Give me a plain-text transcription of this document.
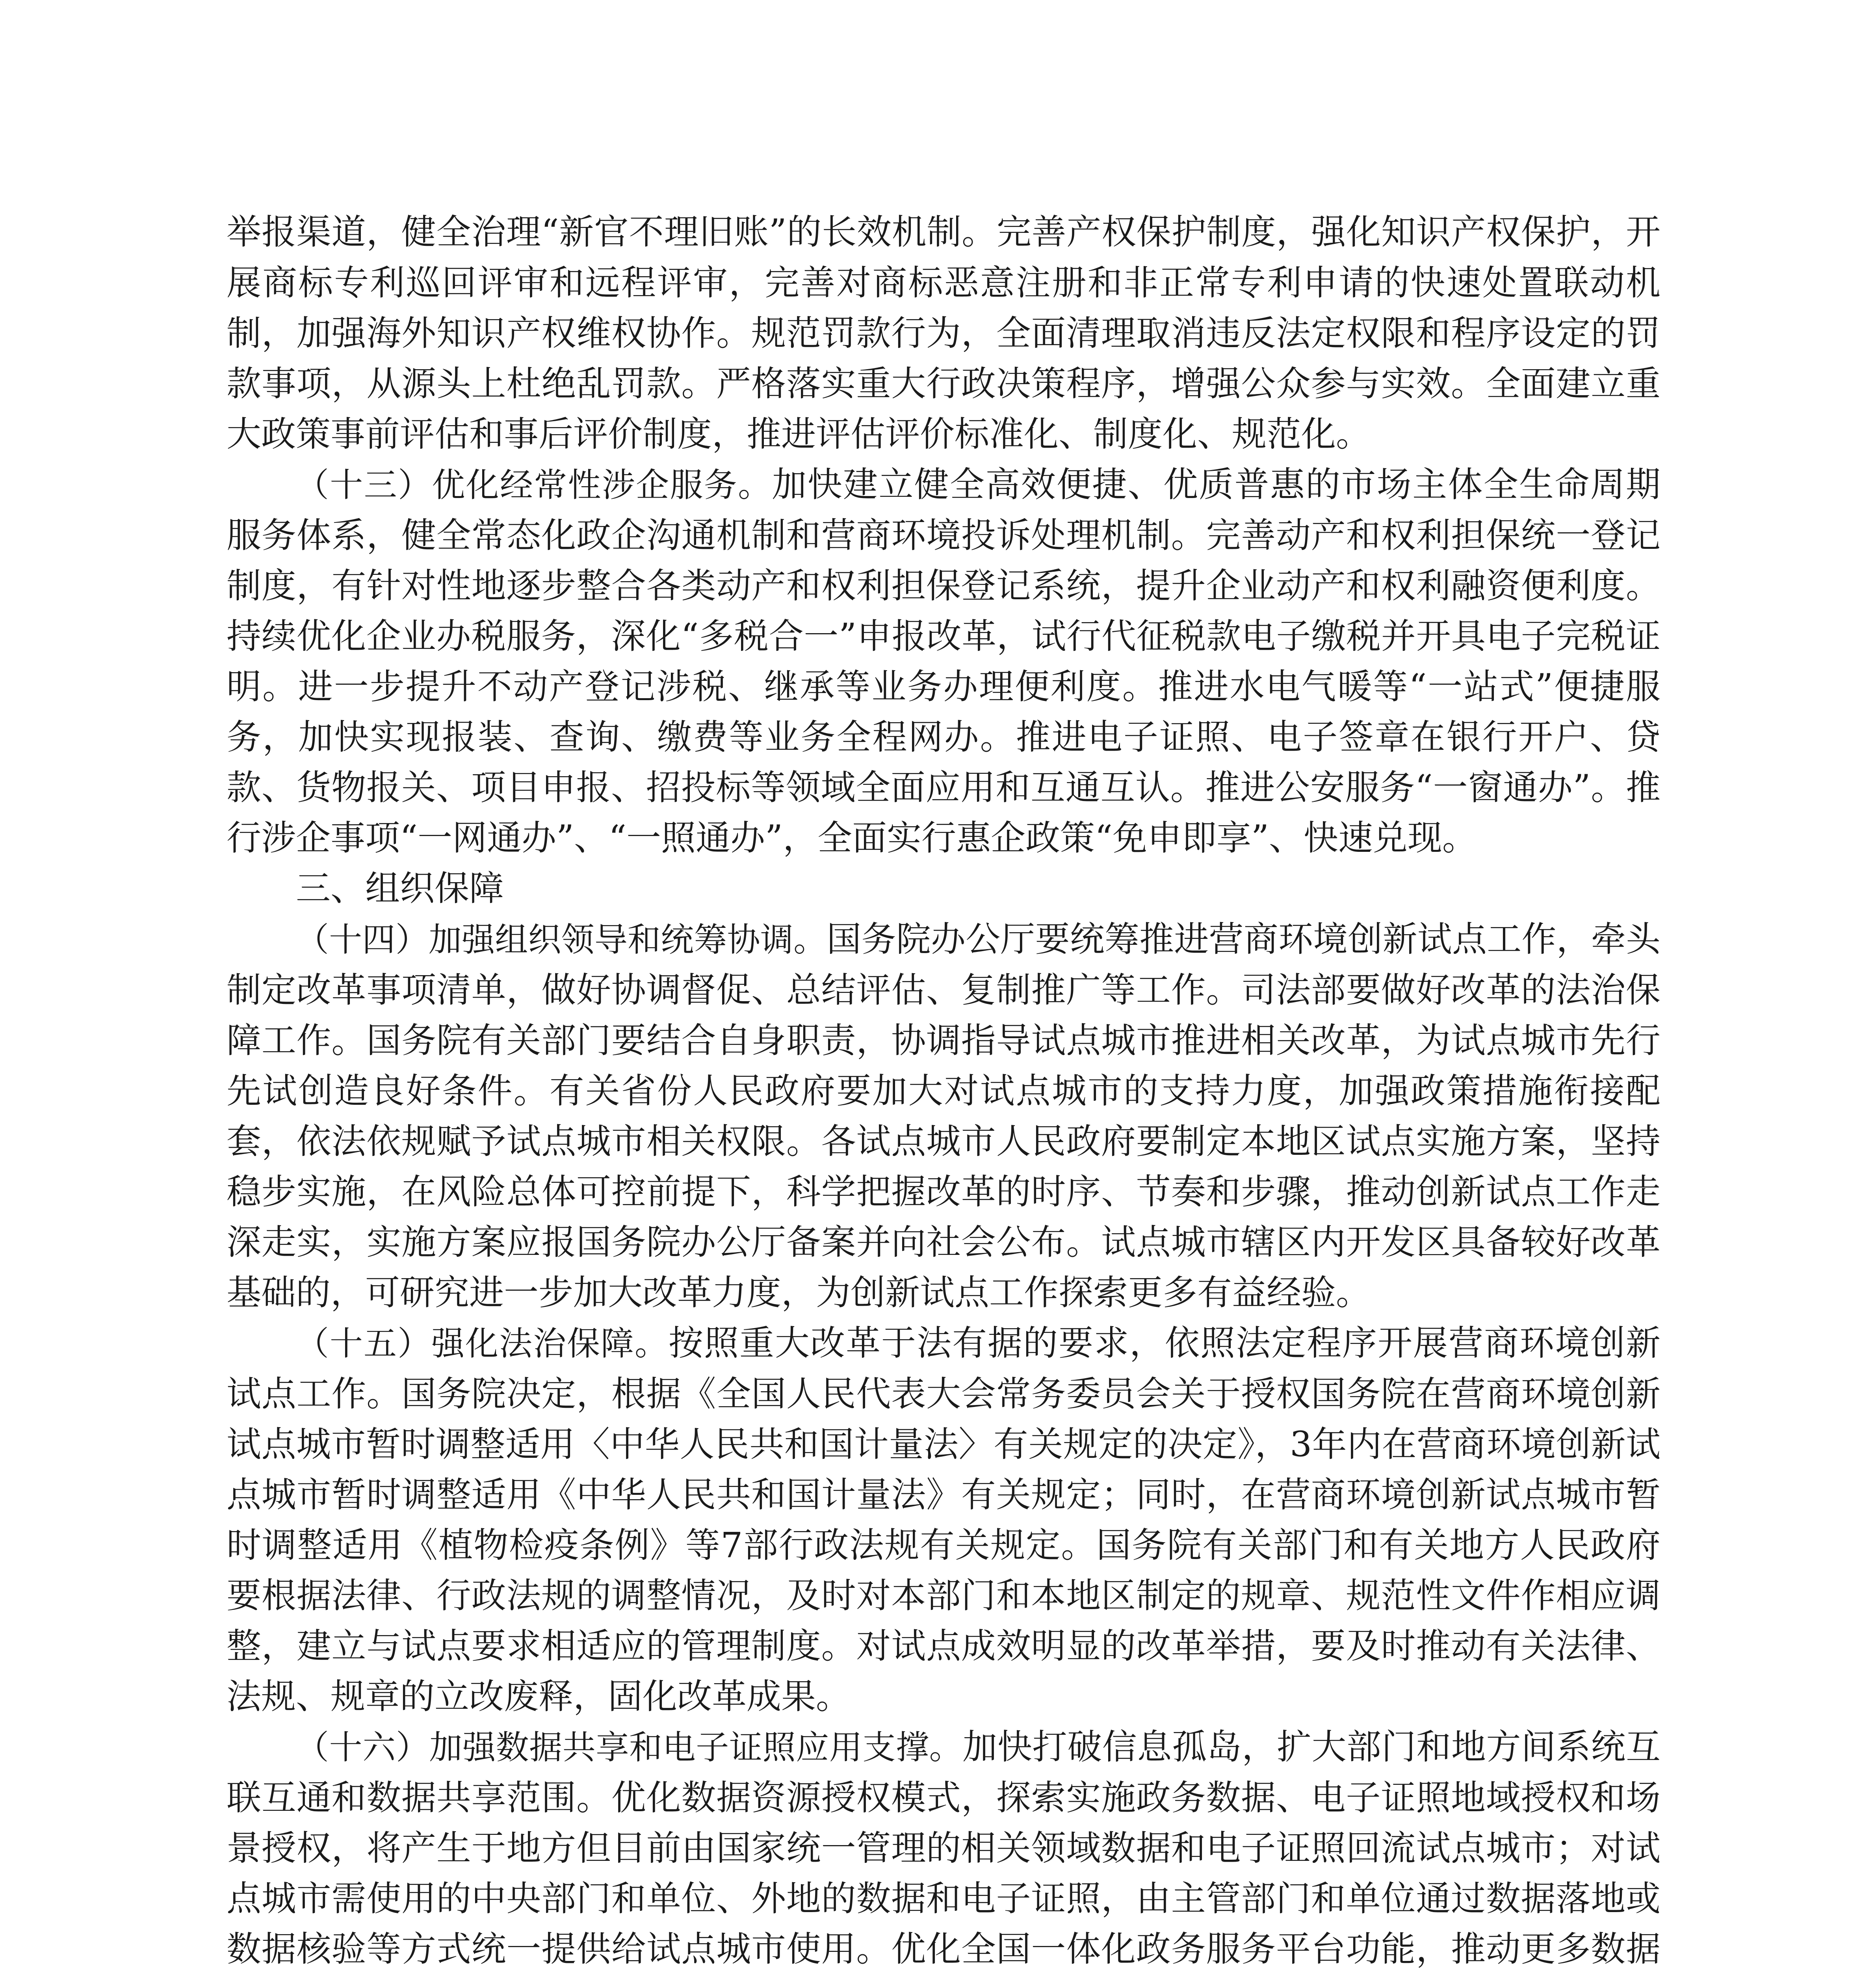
举报渠道，健全治理“新官不理旧账”的长效机制。完善产权保护制度，强化知识产权保护，开展商标专利巡回评审和远程评审，完善对商标恶意注册和非正常专利申请的快速处置联动机制，加强海外知识产权维权协作。规范罚款行为，全面清理取消违反法定权限和程序设定的罚款事项，从源头上杜绝乱罚款。严格落实重大行政决策程序，增强公众参与实效。全面建立重大政策事前评估和事后评价制度，推进评估评价标准化、制度化、规范化。

（十三）优化经常性涉企服务。加快建立健全高效便捷、优质普惠的市场主体全生命周期服务体系，健全常态化政企沟通机制和营商环境投诉处理机制。完善动产和权利担保统一登记制度，有针对性地逐步整合各类动产和权利担保登记系统，提升企业动产和权利融资便利度。持续优化企业办税服务，深化“多税合一”申报改革，试行代征税款电子缴税并开具电子完税证明。进一步提升不动产登记涉税、继承等业务办理便利度。推进水电气暖等“一站式”便捷服务，加快实现报装、查询、缴费等业务全程网办。推进电子证照、电子签章在银行开户、贷款、货物报关、项目申报、招投标等领域全面应用和互通互认。推进公安服务“一窗通办”。推行涉企事项“一网通办”、“一照通办”，全面实行惠企政策“免申即享”、快速兑现。

三、组织保障

（十四）加强组织领导和统筹协调。国务院办公厅要统筹推进营商环境创新试点工作，牵头制定改革事项清单，做好协调督促、总结评估、复制推广等工作。司法部要做好改革的法治保障工作。国务院有关部门要结合自身职责，协调指导试点城市推进相关改革，为试点城市先行先试创造良好条件。有关省份人民政府要加大对试点城市的支持力度，加强政策措施衔接配套，依法依规赋予试点城市相关权限。各试点城市人民政府要制定本地区试点实施方案，坚持稳步实施，在风险总体可控前提下，科学把握改革的时序、节奏和步骤，推动创新试点工作走深走实，实施方案应报国务院办公厅备案并向社会公布。试点城市辖区内开发区具备较好改革基础的，可研究进一步加大改革力度，为创新试点工作探索更多有益经验。

（十五）强化法治保障。按照重大改革于法有据的要求，依照法定程序开展营商环境创新试点工作。国务院决定，根据《全国人民代表大会常务委员会关于授权国务院在营商环境创新试点城市暂时调整适用〈中华人民共和国计量法〉有关规定的决定》，3年内在营商环境创新试点城市暂时调整适用《中华人民共和国计量法》有关规定；同时，在营商环境创新试点城市暂时调整适用《植物检疫条例》等7部行政法规有关规定。国务院有关部门和有关地方人民政府要根据法律、行政法规的调整情况，及时对本部门和本地区制定的规章、规范性文件作相应调整，建立与试点要求相适应的管理制度。对试点成效明显的改革举措，要及时推动有关法律、法规、规章的立改废释，固化改革成果。

（十六）加强数据共享和电子证照应用支撑。加快打破信息孤岛，扩大部门和地方间系统互联互通和数据共享范围。优化数据资源授权模式，探索实施政务数据、电子证照地域授权和场景授权，将产生于地方但目前由国家统一管理的相关领域数据和电子证照回流试点城市；对试点城市需使用的中央部门和单位、外地的数据和电子证照，由主管部门和单位通过数据落地或数据核验等方式统一提供给试点城市使用。优化全国一体化政务服务平台功能，推动更多数据
